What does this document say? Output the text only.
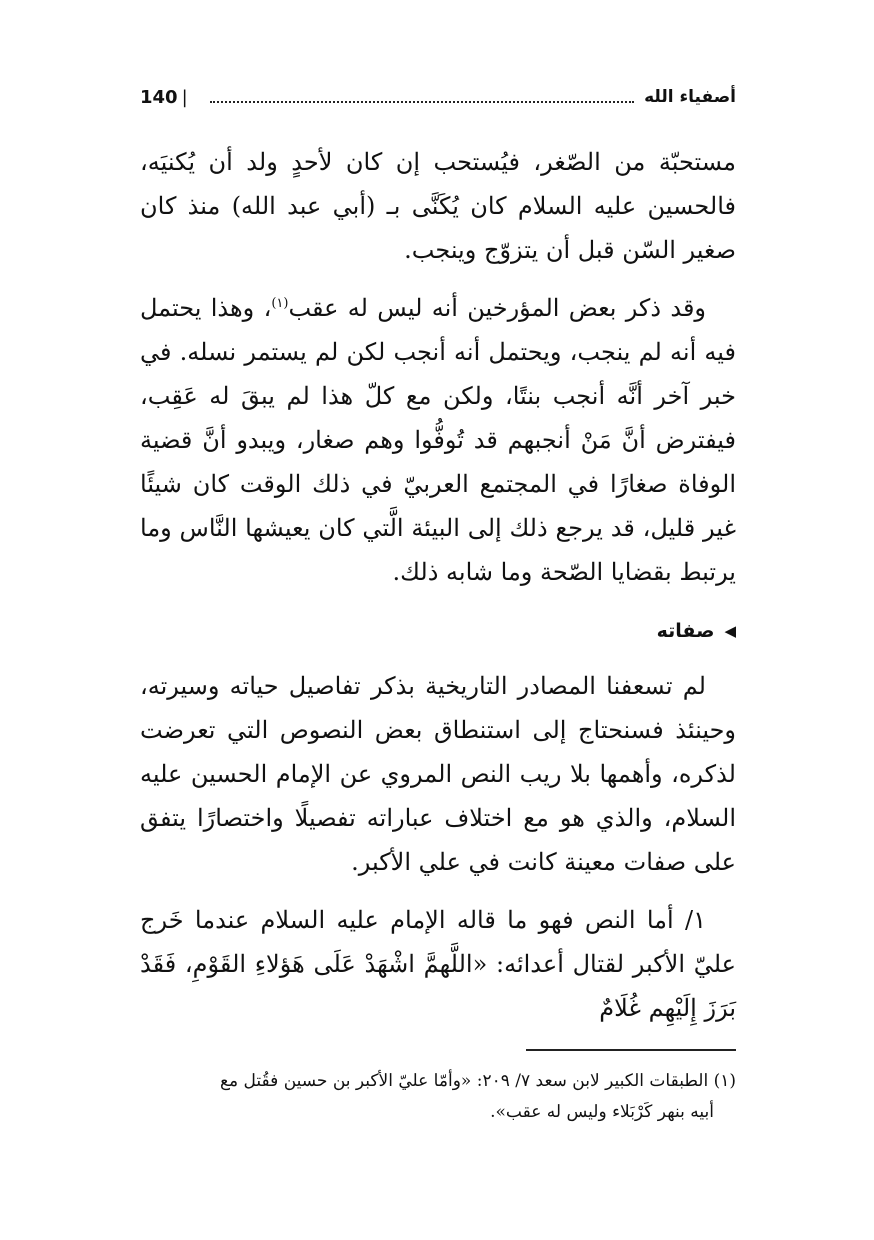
140 |	أصفياء الله

مستحبّة من الصّغر، فيُستحب إن كان لأحدٍ ولد أن يُكنيَه، فالحسين عليه السلام كان يُكَنَّى بـ (أبي عبد الله) منذ كان صغير السّن قبل أن يتزوّج وينجب.

وقد ذكر بعض المؤرخين أنه ليس له عقب$^{(١)}$، وهذا يحتمل فيه أنه لم ينجب، ويحتمل أنه أنجب لكن لم يستمر نسله. في خبر آخر أنَّه أنجب بنتًا، ولكن مع كلّ هذا لم يبقَ له عَقِب، فيفترض أنَّ مَنْ أنجبهم قد تُوفُّوا وهم صغار، ويبدو أنَّ قضية الوفاة صغارًا في المجتمع العربيّ في ذلك الوقت كان شيئًا غير قليل، قد يرجع ذلك إلى البيئة الَّتي كان يعيشها النَّاس وما يرتبط بقضايا الصّحة وما شابه ذلك.

◀
صفاته

لم تسعفنا المصادر التاريخية بذكر تفاصيل حياته وسيرته، وحينئذ فسنحتاج إلى استنطاق بعض النصوص التي تعرضت لذكره، وأهمها بلا ريب النص المروي عن الإمام الحسين عليه السلام، والذي هو مع اختلاف عباراته تفصيلًا واختصارًا يتفق على صفات معينة كانت في علي الأكبر.

١/ أما النص فهو ما قاله الإمام عليه السلام عندما خَرج عليّ الأكبر لقتال أعدائه: «اللَّهمَّ اشْهَدْ عَلَى هَؤلاءِ القَوْمِ، فَقَدْ بَرَزَ إِلَيْهِم غُلَامٌ

(١) الطبقات الكبير لابن سعد ٧/ ٢٠٩: «وأمّا عليّ الأكبر بن حسين فقُتل مع
أبيه بنهر كَرْبَلاء وليس له عقب».
